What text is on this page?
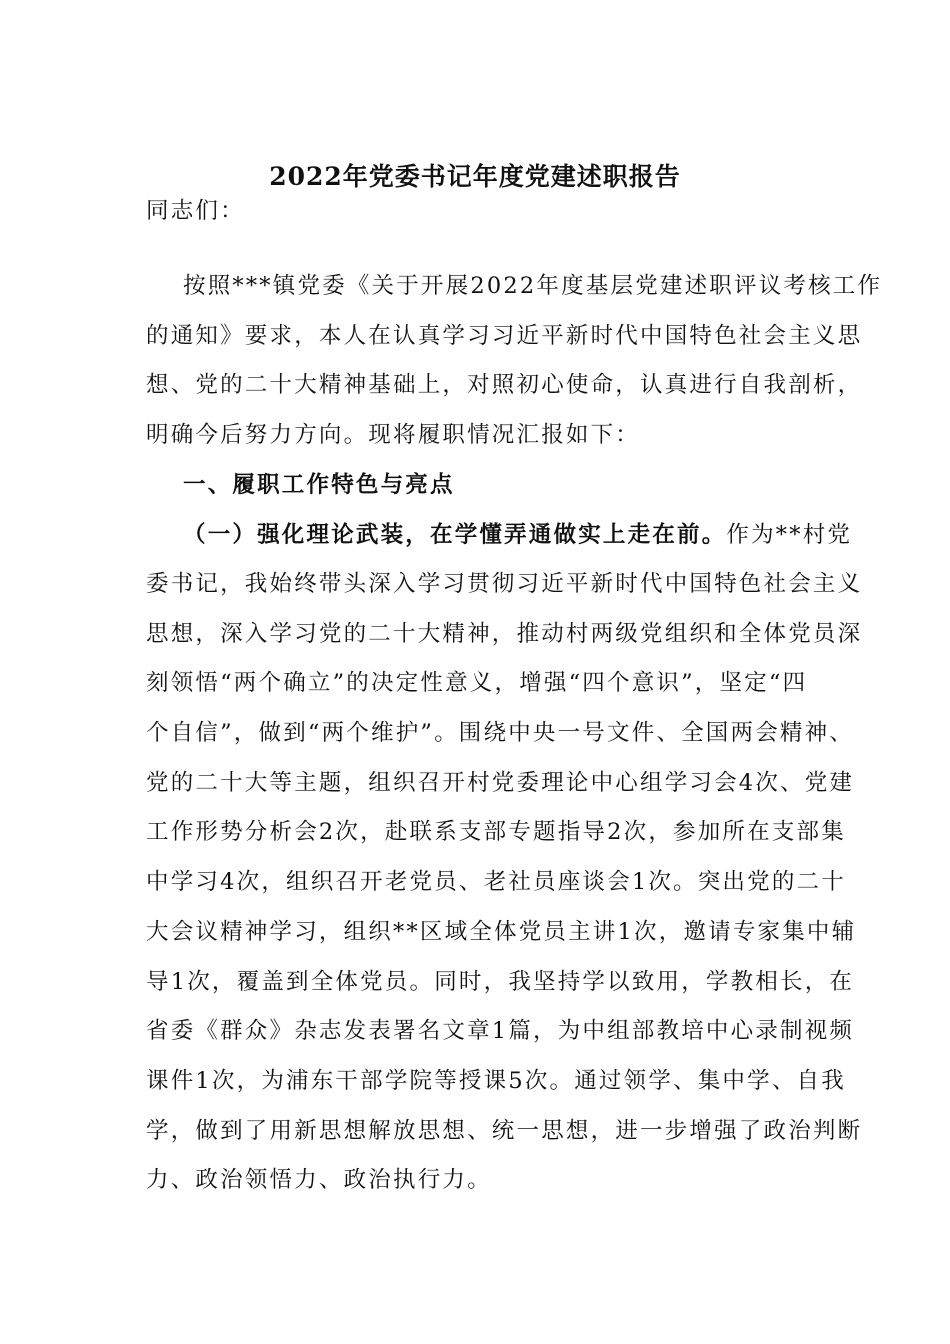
2022年党委书记年度党建述职报告
同志们：
按照***镇党委《关于开展2022年度基层党建述职评议考核工作
的通知》要求，本人在认真学习习近平新时代中国特色社会主义思
想、党的二十大精神基础上，对照初心使命，认真进行自我剖析，
明确今后努力方向。现将履职情况汇报如下：
一、履职工作特色与亮点
（一）强化理论武装，在学懂弄通做实上走在前。作为**村党
委书记，我始终带头深入学习贯彻习近平新时代中国特色社会主义
思想，深入学习党的二十大精神，推动村两级党组织和全体党员深
刻领悟“两个确立”的决定性意义，增强“四个意识”，坚定“四
个自信”，做到“两个维护”。围绕中央一号文件、全国两会精神、
党的二十大等主题，组织召开村党委理论中心组学习会4次、党建
工作形势分析会2次，赴联系支部专题指导2次，参加所在支部集
中学习4次，组织召开老党员、老社员座谈会1次。突出党的二十
大会议精神学习，组织**区域全体党员主讲1次，邀请专家集中辅
导1次，覆盖到全体党员。同时，我坚持学以致用，学教相长，在
省委《群众》杂志发表署名文章1篇，为中组部教培中心录制视频
课件1次，为浦东干部学院等授课5次。通过领学、集中学、自我
学，做到了用新思想解放思想、统一思想，进一步增强了政治判断
力、政治领悟力、政治执行力。
